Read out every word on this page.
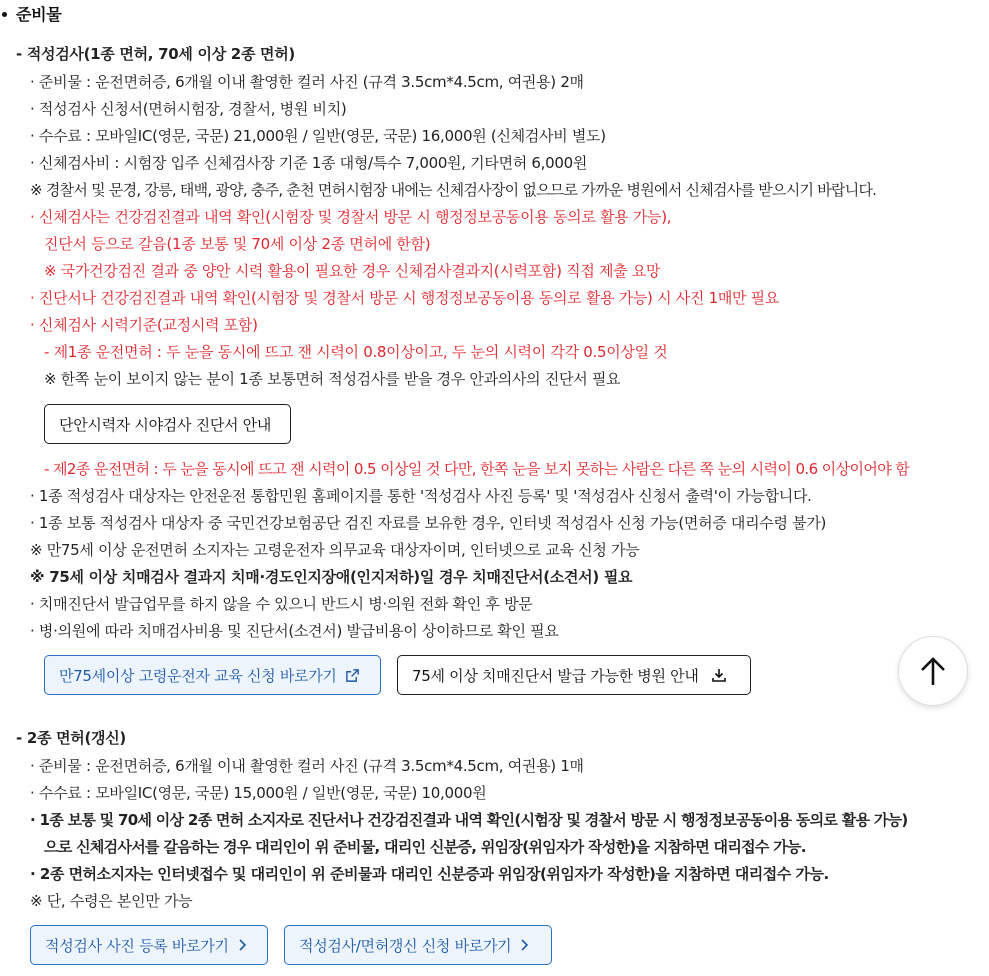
준비물
- 적성검사(1종 면허, 70세 이상 2종 면허)
· 준비물 : 운전면허증, 6개월 이내 촬영한 컬러 사진 (규격 3.5cm*4.5cm, 여권용) 2매
· 적성검사 신청서(면허시험장, 경찰서, 병원 비치)
· 수수료 : 모바일IC(영문, 국문) 21,000원 / 일반(영문, 국문) 16,000원 (신체검사비 별도)
· 신체검사비 : 시험장 입주 신체검사장 기준 1종 대형/특수 7,000원, 기타면허 6,000원
※ 경찰서 및 문경, 강릉, 태백, 광양, 충주, 춘천 면허시험장 내에는 신체검사장이 없으므로 가까운 병원에서 신체검사를 받으시기 바랍니다.
· 신체검사는 건강검진결과 내역 확인(시험장 및 경찰서 방문 시 행정정보공동이용 동의로 활용 가능),
진단서 등으로 갈음(1종 보통 및 70세 이상 2종 면허에 한함)
※ 국가건강검진 결과 중 양안 시력 활용이 필요한 경우 신체검사결과지(시력포함) 직접 제출 요망
· 진단서나 건강검진결과 내역 확인(시험장 및 경찰서 방문 시 행정정보공동이용 동의로 활용 가능) 시 사진 1매만 필요
· 신체검사 시력기준(교정시력 포함)
- 제1종 운전면허 : 두 눈을 동시에 뜨고 잰 시력이 0.8이상이고, 두 눈의 시력이 각각 0.5이상일 것
※ 한쪽 눈이 보이지 않는 분이 1종 보통면허 적성검사를 받을 경우 안과의사의 진단서 필요
단안시력자 시야검사 진단서 안내
- 제2종 운전면허 : 두 눈을 동시에 뜨고 잰 시력이 0.5 이상일 것 다만, 한쪽 눈을 보지 못하는 사람은 다른 쪽 눈의 시력이 0.6 이상이어야 함
· 1종 적성검사 대상자는 안전운전 통합민원 홈페이지를 통한 '적성검사 사진 등록' 및 '적성검사 신청서 출력'이 가능합니다.
· 1종 보통 적성검사 대상자 중 국민건강보험공단 검진 자료를 보유한 경우, 인터넷 적성검사 신청 가능(면허증 대리수령 불가)
※ 만75세 이상 운전면허 소지자는 고령운전자 의무교육 대상자이며, 인터넷으로 교육 신청 가능
※ 75세 이상 치매검사 결과지 치매·경도인지장애(인지저하)일 경우 치매진단서(소견서) 필요
· 치매진단서 발급업무를 하지 않을 수 있으니 반드시 병·의원 전화 확인 후 방문
· 병·의원에 따라 치매검사비용 및 진단서(소견서) 발급비용이 상이하므로 확인 필요
만75세이상 고령운전자 교육 신청 바로가기	75세 이상 치매진단서 발급 가능한 병원 안내
- 2종 면허(갱신)
· 준비물 : 운전면허증, 6개월 이내 촬영한 컬러 사진 (규격 3.5cm*4.5cm, 여권용) 1매
· 수수료 : 모바일IC(영문, 국문) 15,000원 / 일반(영문, 국문) 10,000원
· 1종 보통 및 70세 이상 2종 면허 소지자로 진단서나 건강검진결과 내역 확인(시험장 및 경찰서 방문 시 행정정보공동이용 동의로 활용 가능)
으로 신체검사서를 갈음하는 경우 대리인이 위 준비물, 대리인 신분증, 위임장(위임자가 작성한)을 지참하면 대리접수 가능.
· 2종 면허소지자는 인터넷접수 및 대리인이 위 준비물과 대리인 신분증과 위임장(위임자가 작성한)을 지참하면 대리접수 가능.
※ 단, 수령은 본인만 가능
적성검사 사진 등록 바로가기	적성검사/면허갱신 신청 바로가기
